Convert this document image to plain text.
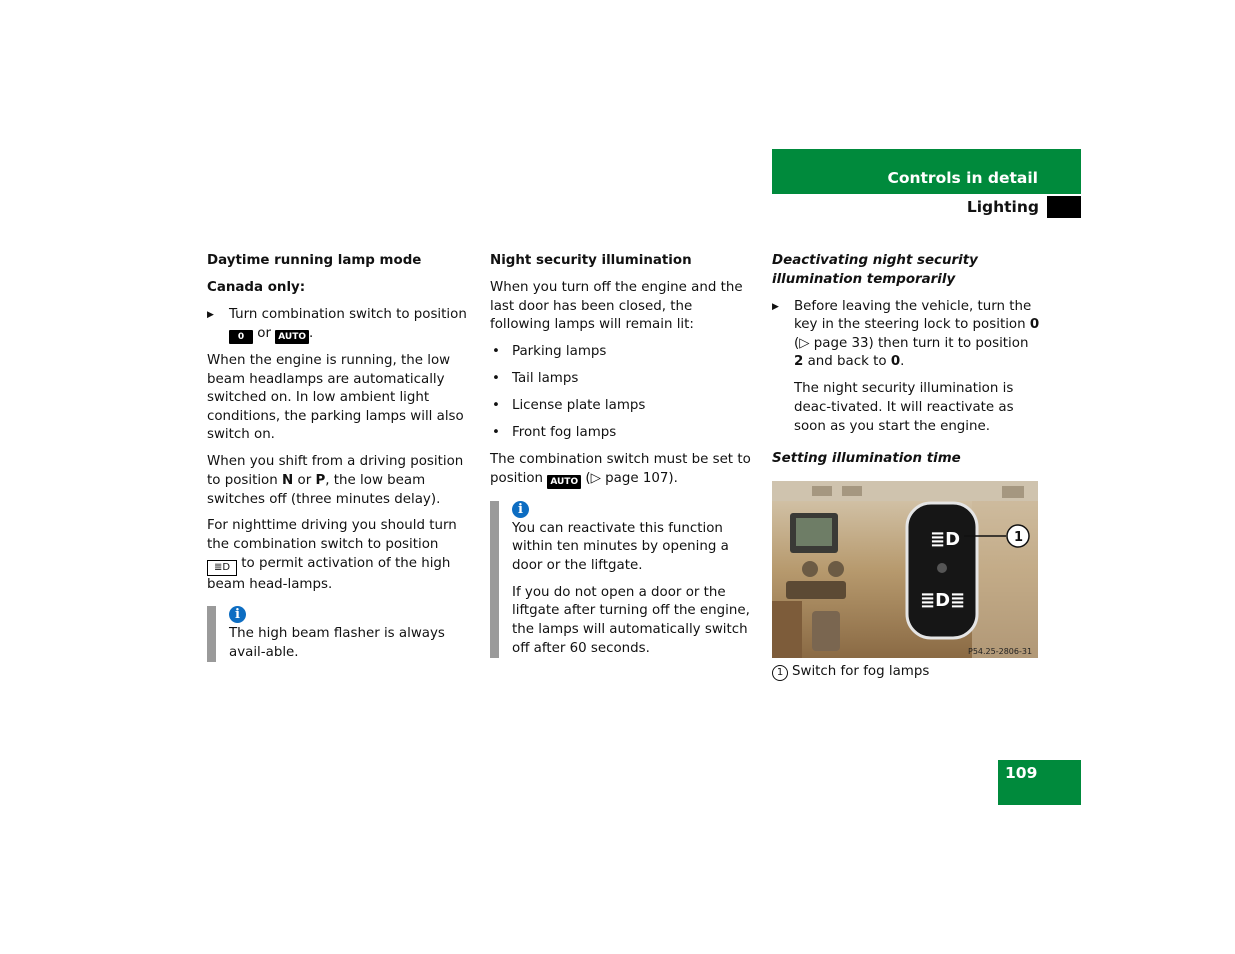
Controls in detail
Lighting

Daytime running lamp mode

Canada only:

▶ Turn combination switch to position 0 or AUTO .

When the engine is running, the low beam headlamps are automatically switched on. In low ambient light conditions, the parking lamps will also switch on.

When you shift from a driving position to position N or P, the low beam switches off (three minutes delay).

For nighttime driving you should turn the combination switch to position ≣D to permit activation of the high beam head-lamps.

i

The high beam flasher is always avail-able.

Night security illumination

When you turn off the engine and the last door has been closed, the following lamps will remain lit:

• Parking lamps

• Tail lamps

• License plate lamps

• Front fog lamps

The combination switch must be set to position AUTO (▷ page 107).

i

You can reactivate this function within ten minutes by opening a door or the liftgate.

If you do not open a door or the liftgate after turning off the engine, the lamps will automatically switch off after 60 seconds.

Deactivating night security illumination temporarily

▶ Before leaving the vehicle, turn the key in the steering lock to position 0 (▷ page 33) then turn it to position 2 and back to 0.

The night security illumination is deac-tivated. It will reactivate as soon as you start the engine.

Setting illumination time

≣D
≣D≣
1
P54.25-2806-31
1 Switch for fog lamps
109
